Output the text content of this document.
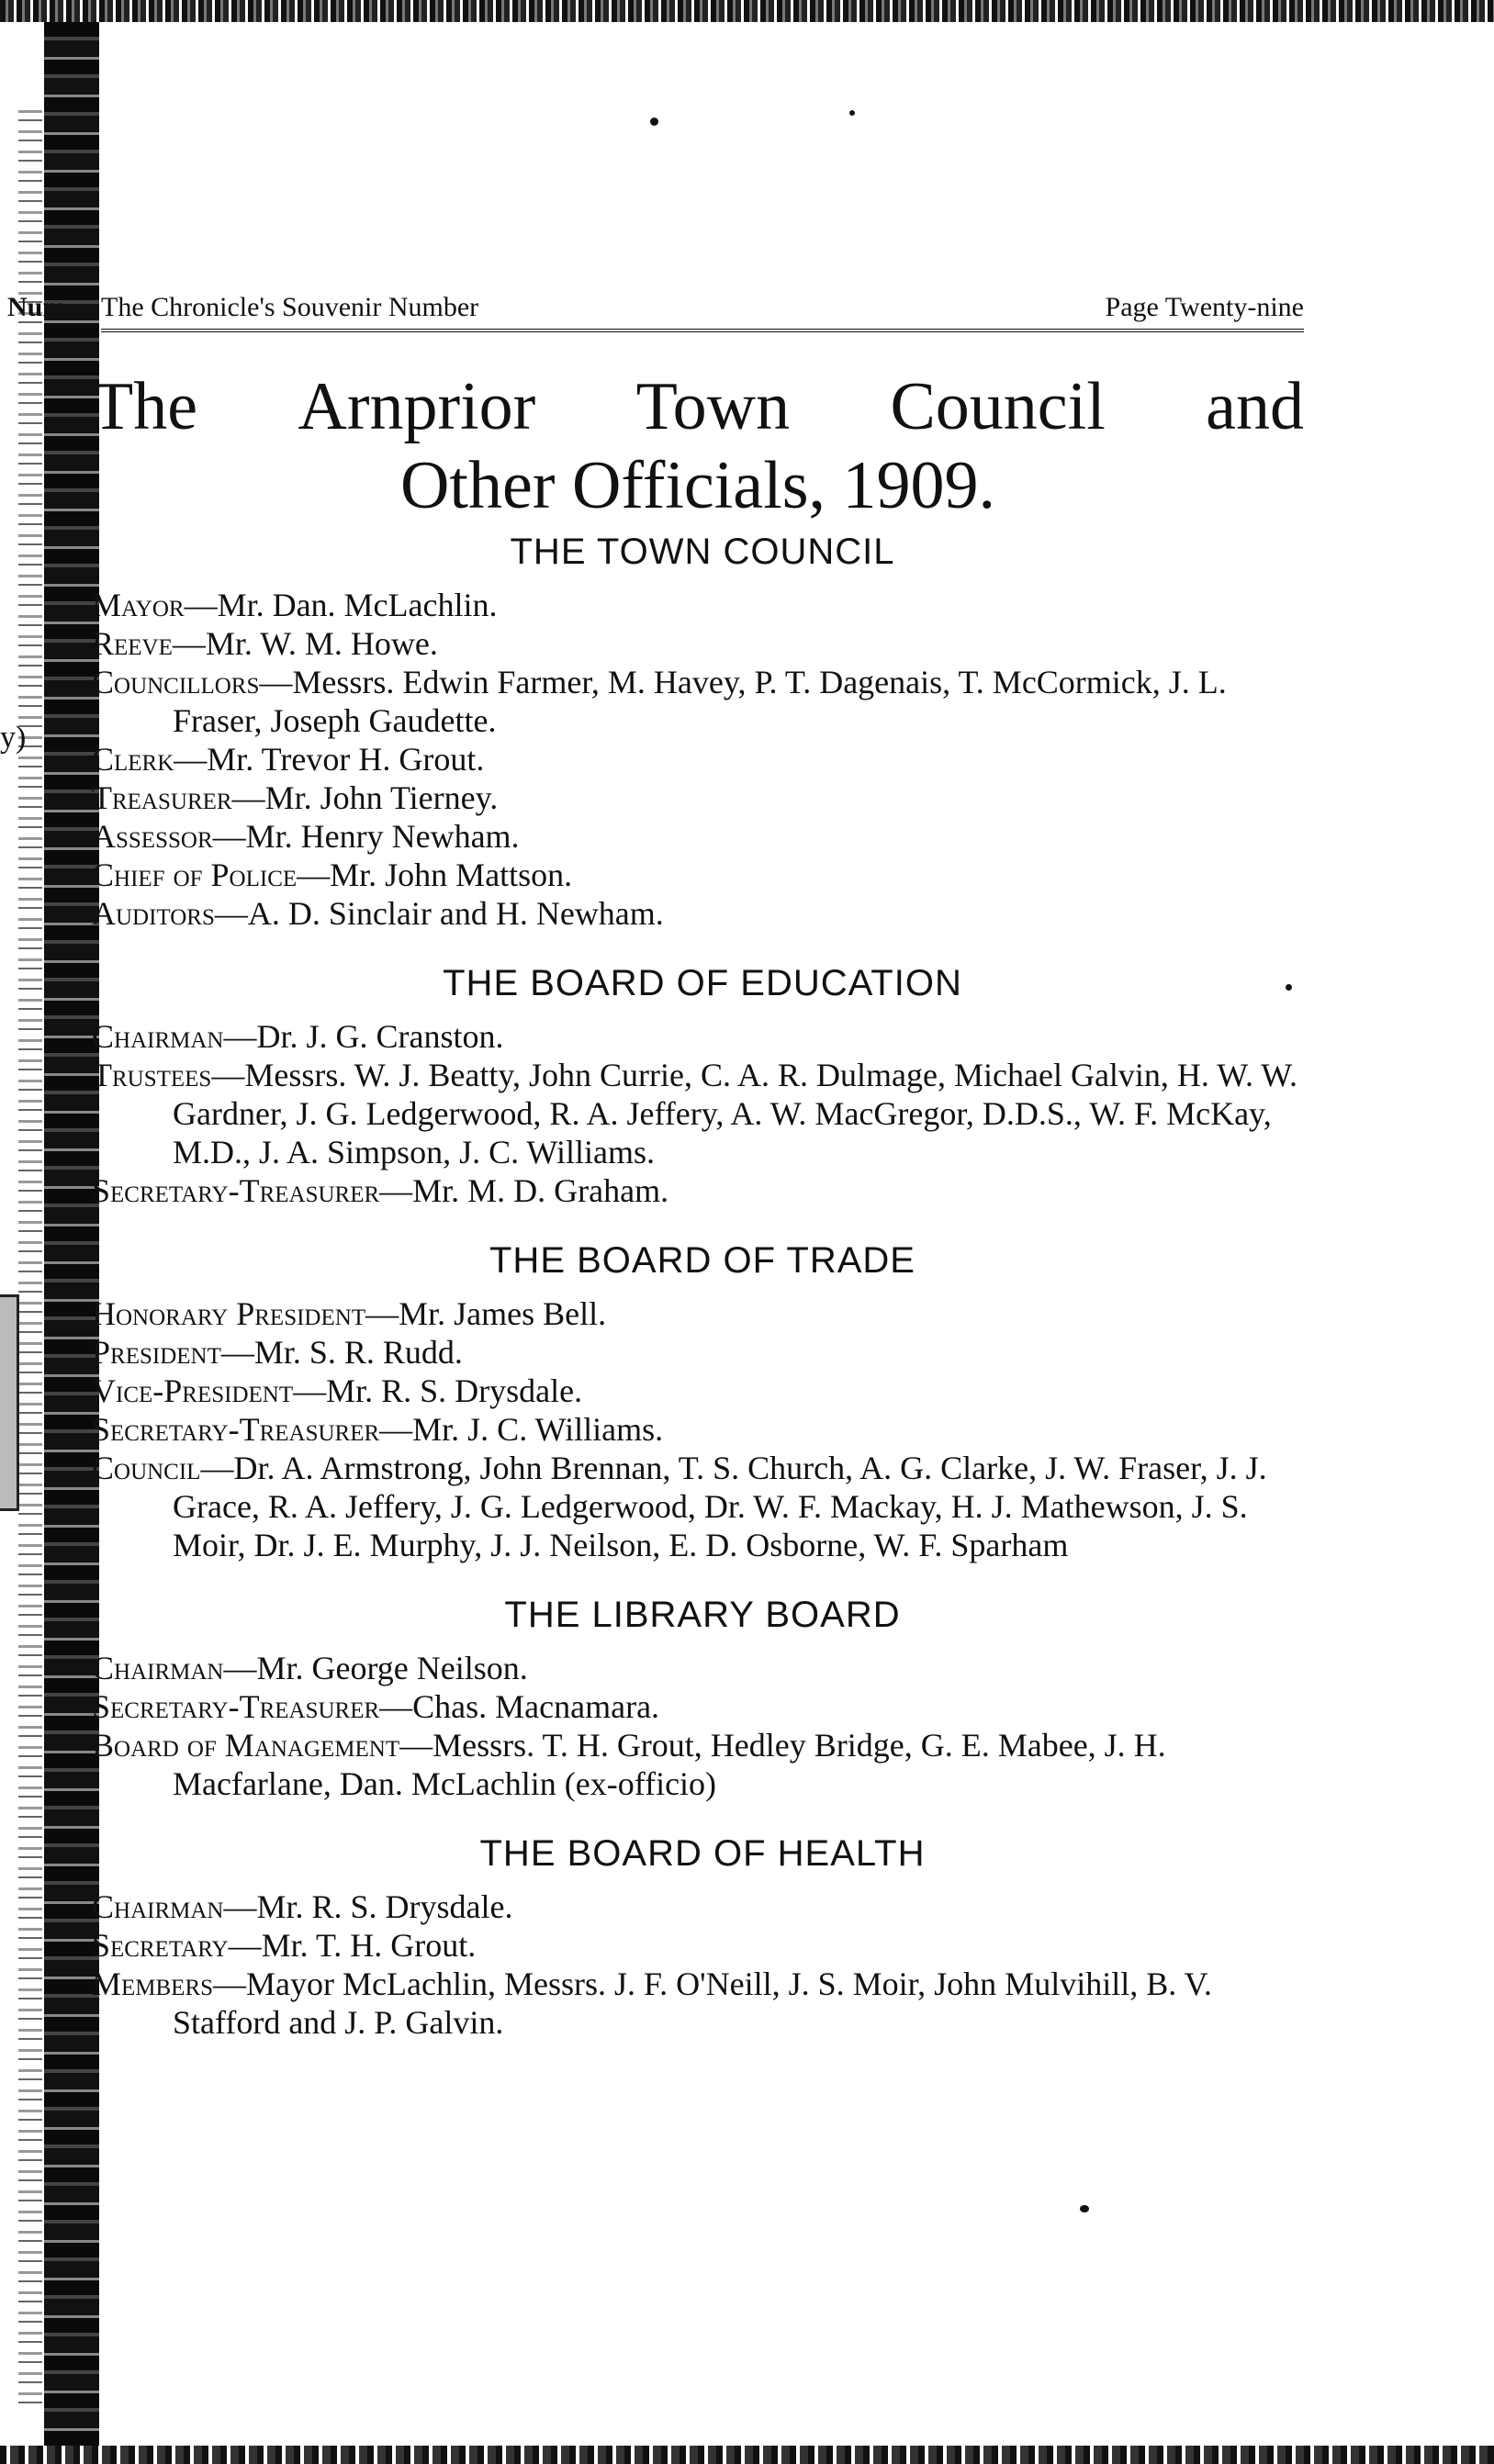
y)
Num The Chronicle's Souvenir Number	Page Twenty-nine
The Arnprior Town Council and
Other Officials, 1909.
THE TOWN COUNCIL
Mayor—Mr. Dan. McLachlin.
Reeve—Mr. W. M. Howe.
Councillors—Messrs. Edwin Farmer, M. Havey, P. T. Dagenais, T. McCormick, J. L. Fraser, Joseph Gaudette.
Clerk—Mr. Trevor H. Grout.
Treasurer—Mr. John Tierney.
Assessor—Mr. Henry Newham.
Chief of Police—Mr. John Mattson.
Auditors—A. D. Sinclair and H. Newham.
THE BOARD OF EDUCATION
Chairman—Dr. J. G. Cranston.
Trustees—Messrs. W. J. Beatty, John Currie, C. A. R. Dulmage, Michael Galvin, H. W. W. Gardner, J. G. Ledgerwood, R. A. Jeffery, A. W. MacGregor, D.D.S., W. F. McKay, M.D., J. A. Simpson, J. C. Williams.
Secretary-Treasurer—Mr. M. D. Graham.
THE BOARD OF TRADE
Honorary President—Mr. James Bell.
President—Mr. S. R. Rudd.
Vice-President—Mr. R. S. Drysdale.
Secretary-Treasurer—Mr. J. C. Williams.
Council—Dr. A. Armstrong, John Brennan, T. S. Church, A. G. Clarke, J. W. Fraser, J. J. Grace, R. A. Jeffery, J. G. Ledgerwood, Dr. W. F. Mackay, H. J. Mathewson, J. S. Moir, Dr. J. E. Murphy, J. J. Neilson, E. D. Osborne, W. F. Sparham
THE LIBRARY BOARD
Chairman—Mr. George Neilson.
Secretary-Treasurer—Chas. Macnamara.
Board of Management—Messrs. T. H. Grout, Hedley Bridge, G. E. Mabee, J. H. Macfarlane, Dan. McLachlin (ex-officio)
THE BOARD OF HEALTH
Chairman—Mr. R. S. Drysdale.
Secretary—Mr. T. H. Grout.
Members—Mayor McLachlin, Messrs. J. F. O'Neill, J. S. Moir, John Mulvihill, B. V. Stafford and J. P. Galvin.
